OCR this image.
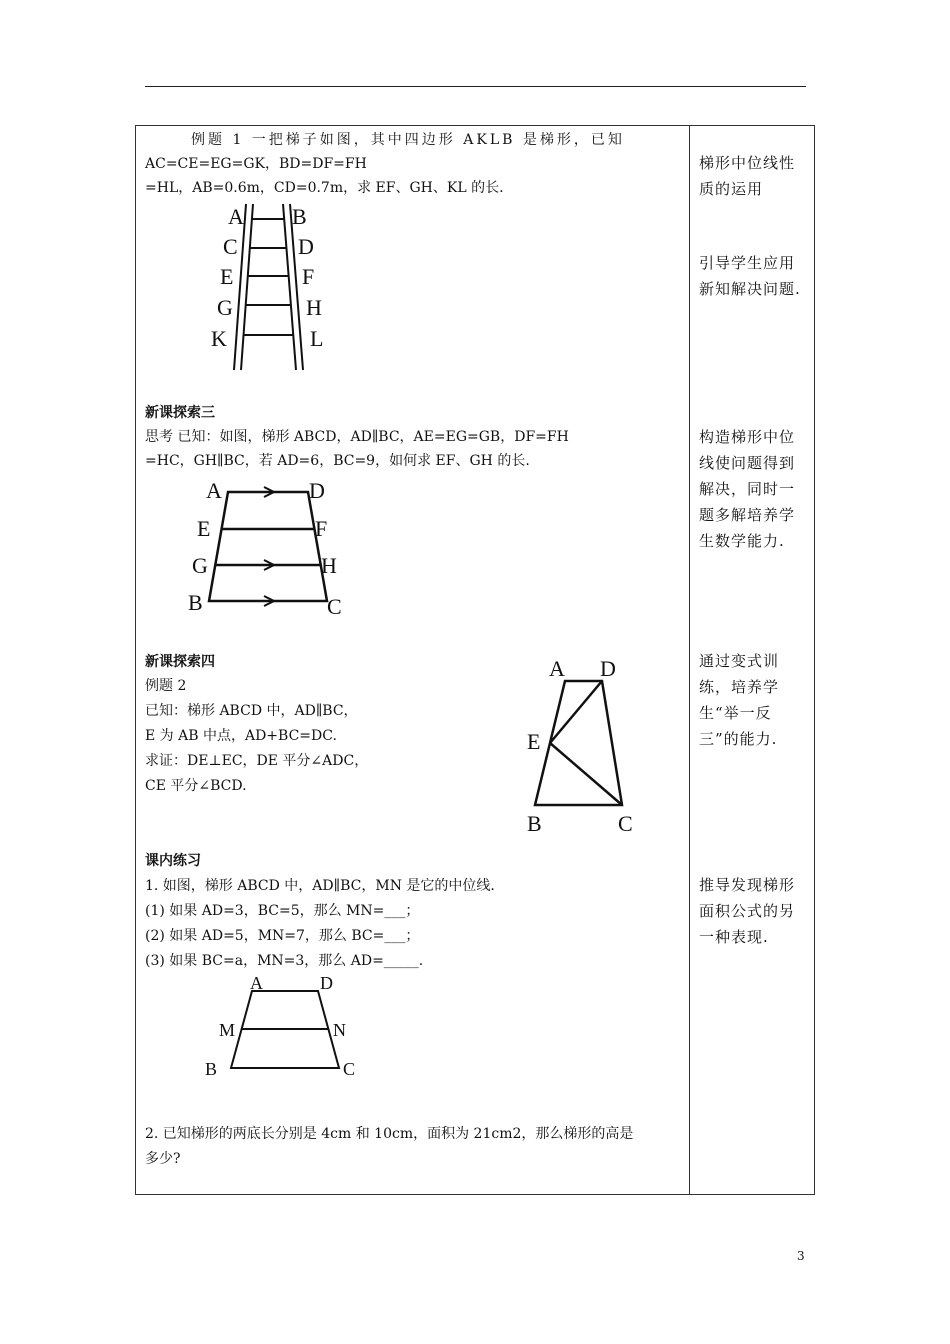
例题 1 一把梯子如图，其中四边形 AKLB 是梯形，已知
AC=CE=EG=GK，BD=DF=FH
=HL，AB=0.6m，CD=0.7m，求 EF、GH、KL 的长.
A
C
E
G
K
B
D
F
H
L
新课探索三
思考 已知：如图，梯形 ABCD，AD∥BC，AE=EG=GB，DF=FH
=HC，GH∥BC，若 AD=6，BC=9，如何求 EF、GH 的长.
A	D
E	F
G	H
B	C
新课探索四
例题 2
已知：梯形 ABCD 中，AD∥BC，
E 为 AB 中点，AD+BC=DC.
求证：DE⊥EC，DE 平分∠ADC，
CE 平分∠BCD.
A D
E
B	C
课内练习
1. 如图，梯形 ABCD 中，AD∥BC，MN 是它的中位线.
(1) 如果 AD=3，BC=5，那么 MN=___；
(2) 如果 AD=5，MN=7，那么 BC=___；
(3) 如果 BC=a，MN=3，那么 AD=_____.
A	D
M	N
B	C
2. 已知梯形的两底长分别是 4cm 和 10cm，面积为 21cm2，那么梯形的高是
多少?
梯形中位线性质的运用
引导学生应用新知解决问题.
构造梯形中位线使问题得到解决，同时一题多解培养学生数学能力.
通过变式训练，培养学生“举一反三”的能力.
推导发现梯形面积公式的另一种表现.
3
